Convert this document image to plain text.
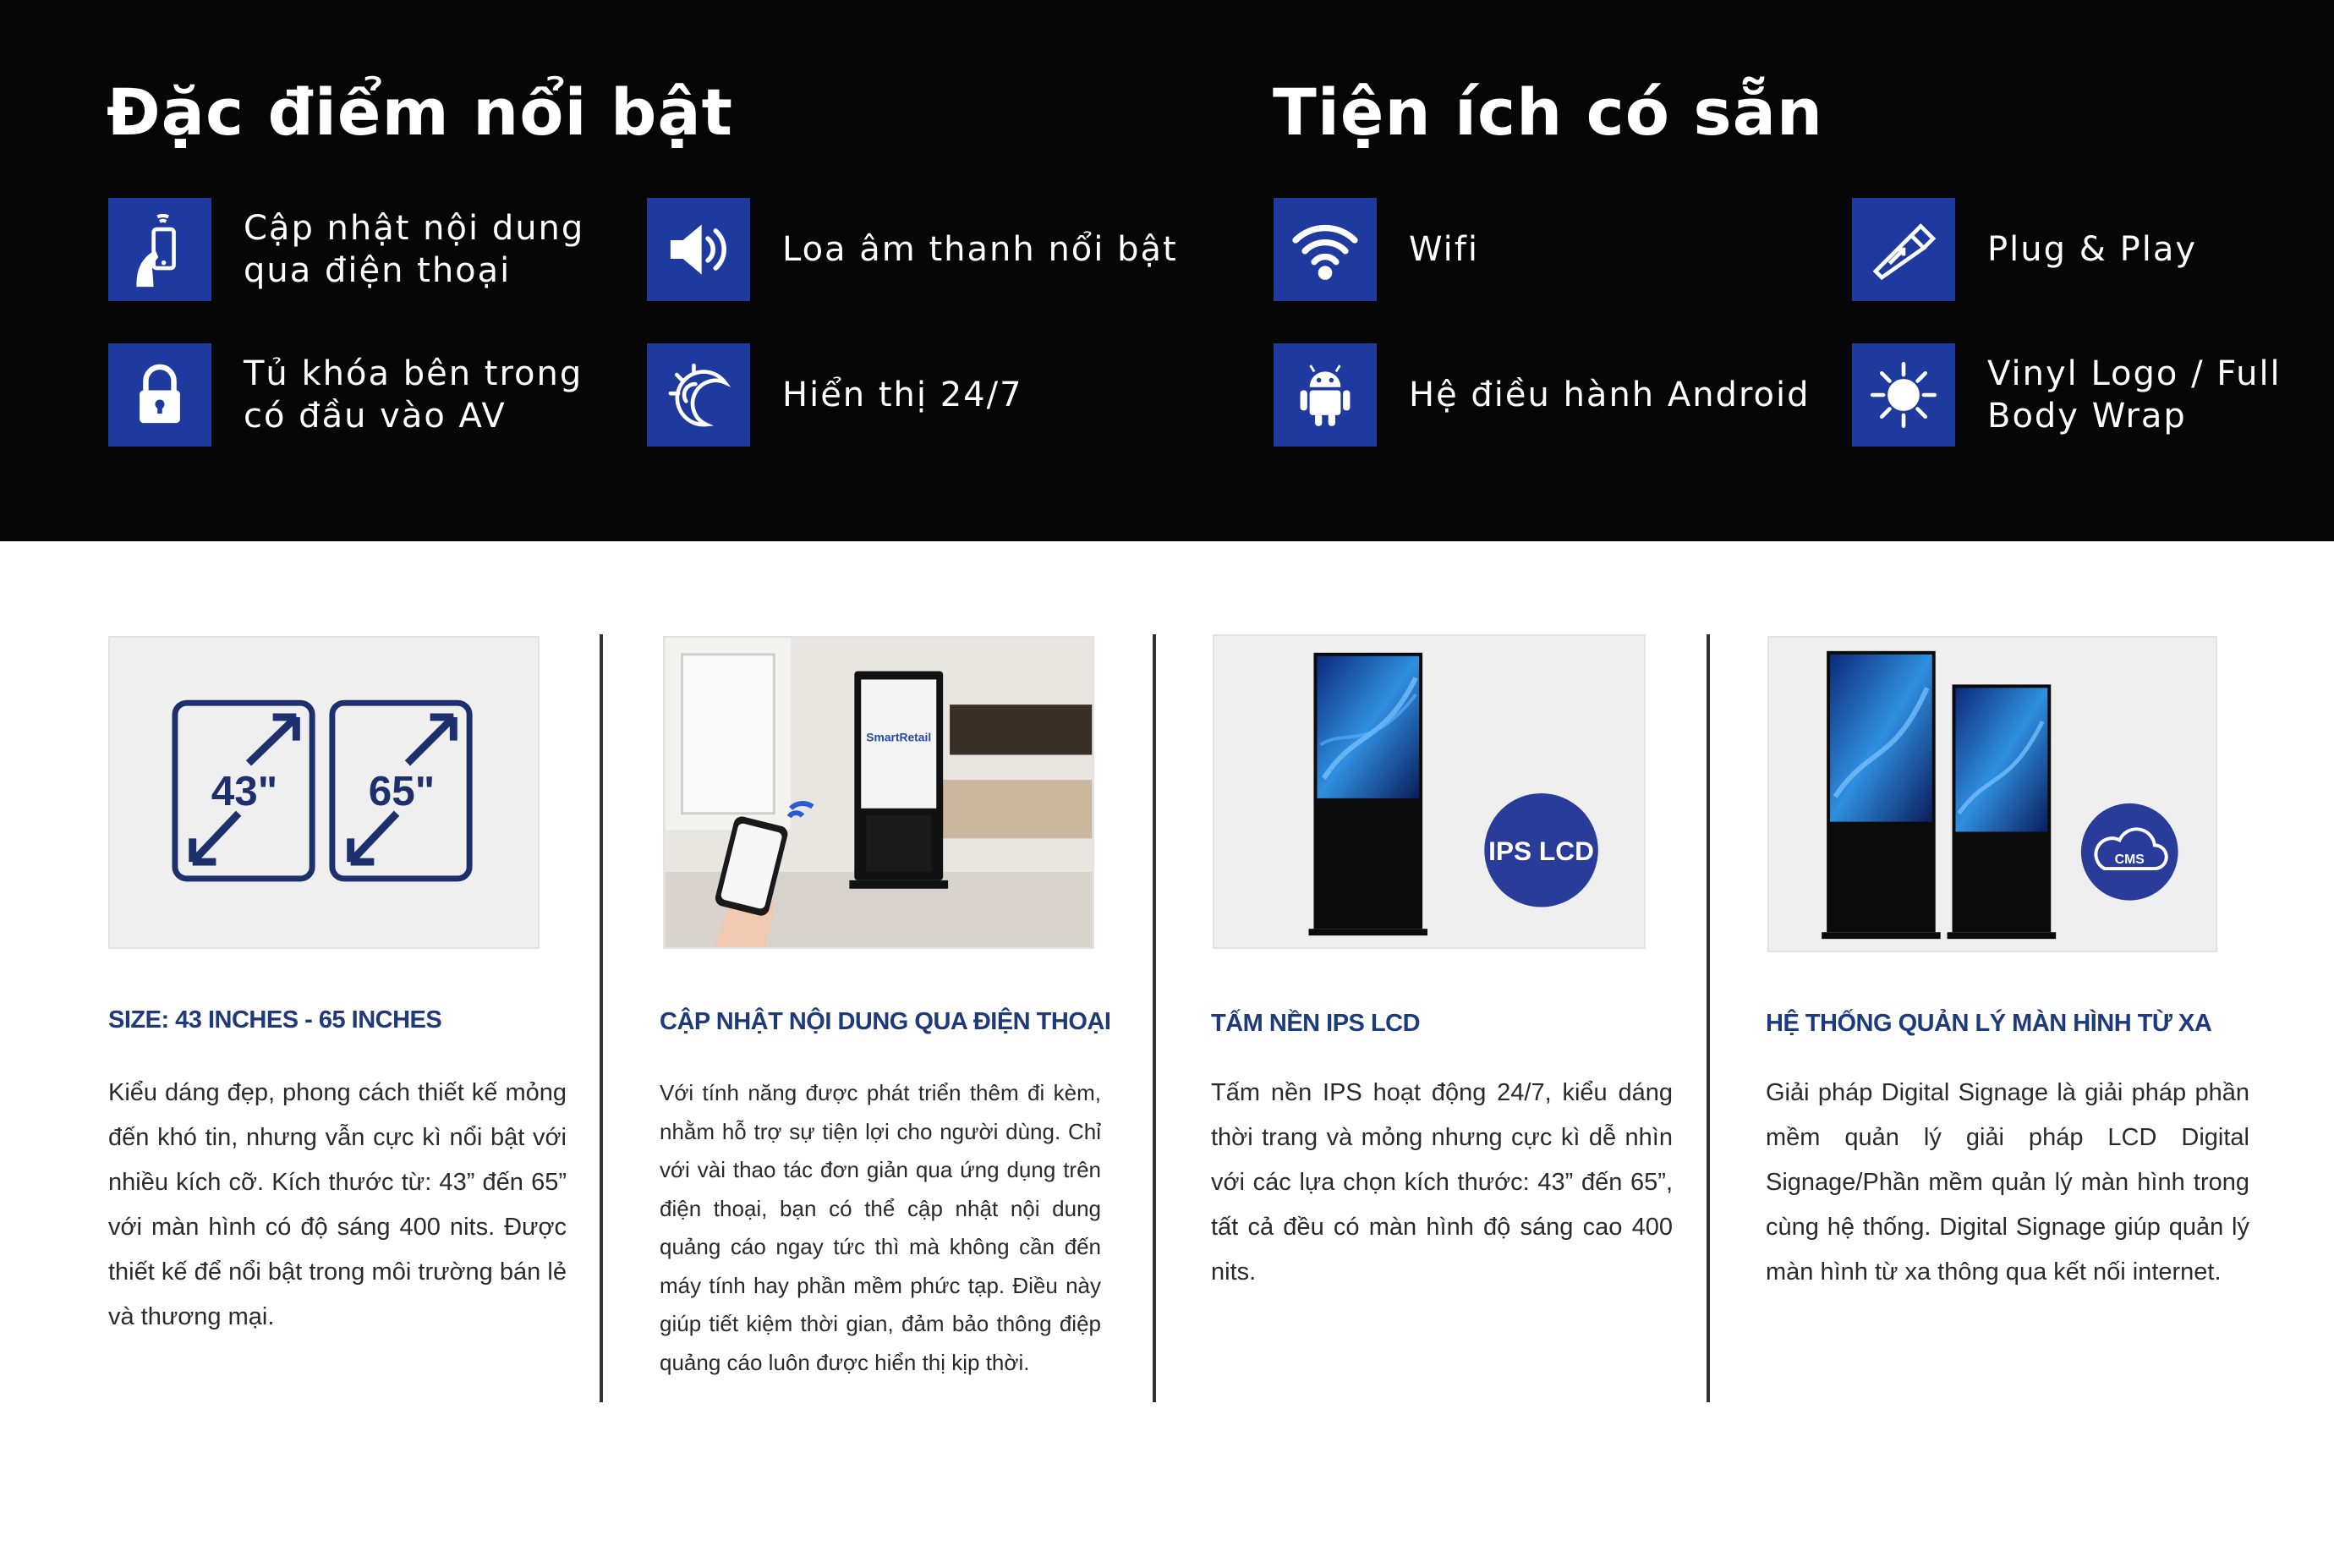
Đặc điểm nổi bật	Tiện ích có sẵn
Cập nhật nội dung
qua điện thoại
Loa âm thanh nổi bật
Tủ khóa bên trong
có đầu vào AV
Hiển thị 24/7
Wifi	Plug & Play
Hệ điều hành Android
Vinyl Logo / Full
Body Wrap
43" 65"
SmartRetail
IPS LCD	CMS
SIZE: 43 INCHES - 65 INCHES	CẬP NHẬT NỘI DUNG QUA ĐIỆN THOẠI	TẤM NỀN IPS LCD	HỆ THỐNG QUẢN LÝ MÀN HÌNH TỪ XA
Kiểu dáng đẹp, phong cách thiết kế mỏng đến khó tin, nhưng vẫn cực kì nổi bật với nhiều kích cỡ. Kích thước từ: 43” đến 65” với màn hình có độ sáng 400 nits. Được thiết kế để nổi bật trong môi trường bán lẻ và thương mại.
Với tính năng được phát triển thêm đi kèm, nhằm hỗ trợ sự tiện lợi cho người dùng. Chỉ với vài thao tác đơn giản qua ứng dụng trên điện thoại, bạn có thể cập nhật nội dung quảng cáo ngay tức thì mà không cần đến máy tính hay phần mềm phức tạp. Điều này giúp tiết kiệm thời gian, đảm bảo thông điệp quảng cáo luôn được hiển thị kịp thời.
Tấm nền IPS hoạt động 24/7, kiểu dáng thời trang và mỏng nhưng cực kì dễ nhìn với các lựa chọn kích thước: 43” đến 65”, tất cả đều có màn hình độ sáng cao 400 nits.
Giải pháp Digital Signage là giải pháp phần mềm quản lý giải pháp LCD Digital Signage/Phần mềm quản lý màn hình trong cùng hệ thống. Digital Signage giúp quản lý màn hình từ xa thông qua kết nối internet.
